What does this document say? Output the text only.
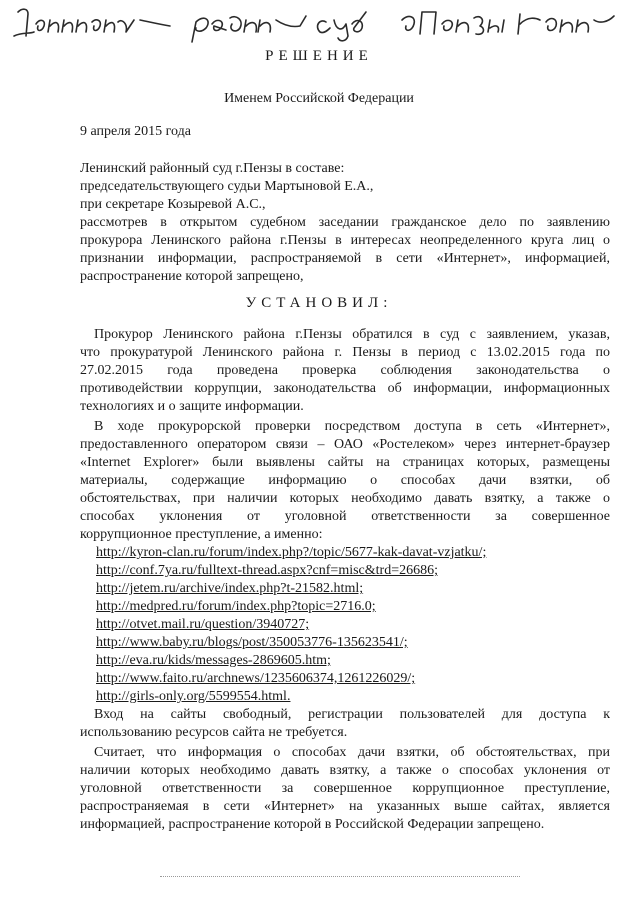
РЕШЕНИЕ
Именем Российской Федерации
9 апреля 2015 года
Ленинский районный суд г.Пензы в составе:
председательствующего судьи Мартыновой Е.А.,
при секретаре Козыревой А.С.,
рассмотрев в открытом судебном заседании гражданское дело по заявлению
прокурора Ленинского района г.Пензы в интересах неопределенного круга лиц о
признании информации, распространяемой в сети «Интернет», информацией,
распространение которой запрещено,
УСТАНОВИЛ:
Прокурор Ленинского района г.Пензы обратился в суд с заявлением, указав,
что прокуратурой Ленинского района г. Пензы в период с 13.02.2015 года по
27.02.2015 года проведена проверка соблюдения законодательства о
противодействии коррупции, законодательства об информации, информационных
технологиях и о защите информации.
В ходе прокурорской проверки посредством доступа в сеть «Интернет»,
предоставленного оператором связи – ОАО «Ростелеком» через интернет-браузер
«Internet Explorer» были выявлены сайты на страницах которых, размещены
материалы, содержащие информацию о способах дачи взятки, об
обстоятельствах, при наличии которых необходимо давать взятку, а также о
способах уклонения от уголовной ответственности за совершенное
коррупционное преступление, а именно:
http://kyron-clan.ru/forum/index.php?/topic/5677-kak-davat-vzjatku/;
http://conf.7ya.ru/fulltext-thread.aspx?cnf=misc&trd=26686;
http://jetem.ru/archive/index.php?t-21582.html;
http://medpred.ru/forum/index.php?topic=2716.0;
http://otvet.mail.ru/question/3940727;
http://www.baby.ru/blogs/post/350053776-135623541/;
http://eva.ru/kids/messages-2869605.htm;
http://www.faito.ru/archnews/1235606374,1261226029/;
http://girls-only.org/5599554.html.
Вход на сайты свободный, регистрации пользователей для доступа к
использованию ресурсов сайта не требуется.
Считает, что информация о способах дачи взятки, об обстоятельствах, при
наличии которых необходимо давать взятку, а также о способах уклонения от
уголовной ответственности за совершенное коррупционное преступление,
распространяемая в сети «Интернет» на указанных выше сайтах, является
информацией, распространение которой в Российской Федерации запрещено.
